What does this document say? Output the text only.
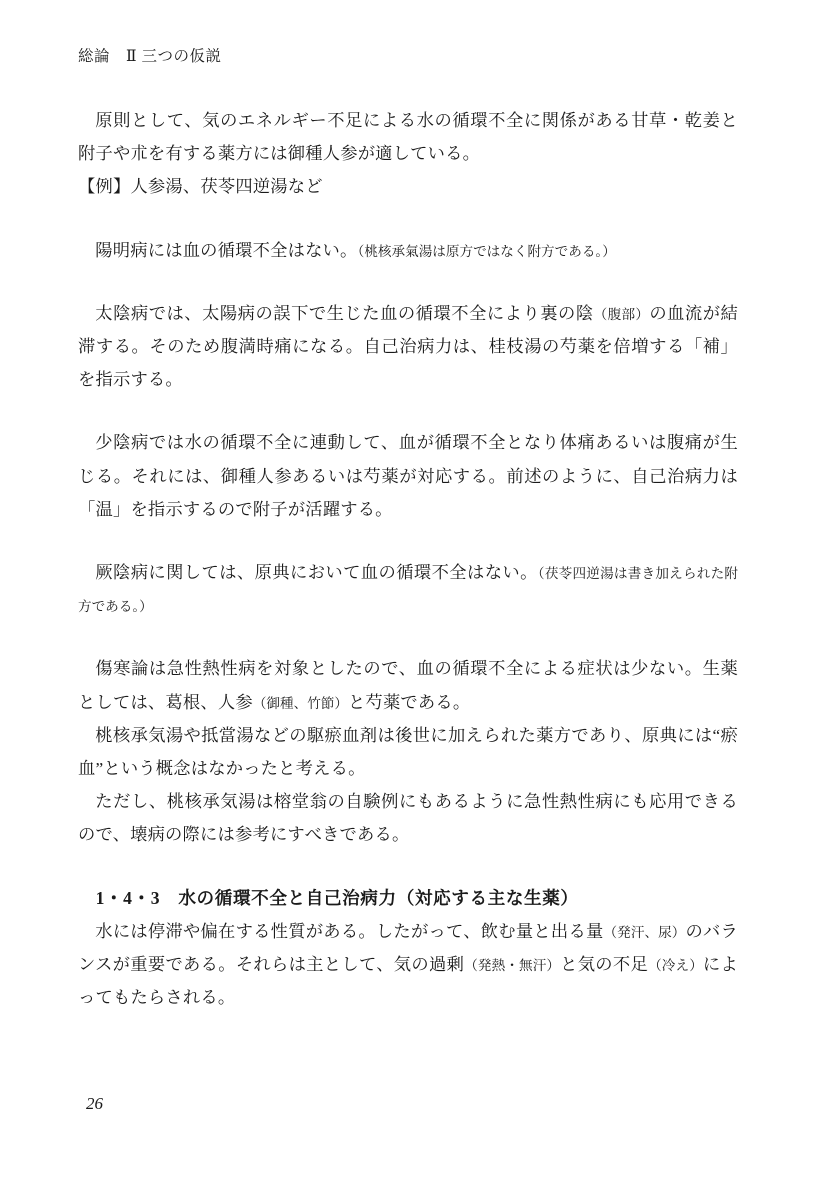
総論 Ⅱ 三つの仮説

原則として、気のエネルギー不足による水の循環不全に関係がある甘草・乾姜と附子や朮を有する薬方には御種人参が適している。

【例】人参湯、茯苓四逆湯など

陽明病には血の循環不全はない。（桃核承氣湯は原方ではなく附方である。）

太陰病では、太陽病の誤下で生じた血の循環不全により裏の陰（腹部）の血流が結滞する。そのため腹満時痛になる。自己治病力は、桂枝湯の芍薬を倍増する「補」を指示する。

少陰病では水の循環不全に連動して、血が循環不全となり体痛あるいは腹痛が生じる。それには、御種人参あるいは芍薬が対応する。前述のように、自己治病力は「温」を指示するので附子が活躍する。

厥陰病に関しては、原典において血の循環不全はない。（茯苓四逆湯は書き加えられた附方である。）

傷寒論は急性熱性病を対象としたので、血の循環不全による症状は少ない。生薬としては、葛根、人参（御種、竹節）と芍薬である。

桃核承気湯や抵當湯などの駆瘀血剤は後世に加えられた薬方であり、原典には“瘀血”という概念はなかったと考える。

ただし、桃核承気湯は榕堂翁の自験例にもあるように急性熱性病にも応用できるので、壊病の際には参考にすべきである。

1・4・3　水の循環不全と自己治病力（対応する主な生薬）

水には停滞や偏在する性質がある。したがって、飲む量と出る量（発汗、尿）のバランスが重要である。それらは主として、気の過剰（発熱・無汗）と気の不足（冷え）によってもたらされる。

26
